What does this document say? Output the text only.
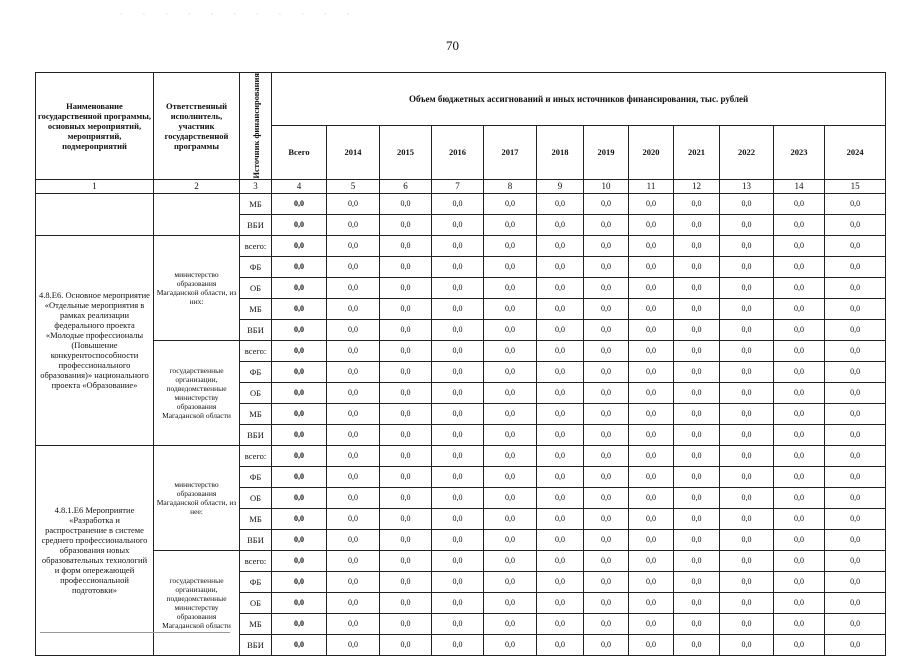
· · · · · · · · · · ·
70
Наименование государственной программы, основных мероприятий, мероприятий, подмероприятий	Ответственный исполнитель, участник государственной программы	Источник финансирования	Объем бюджетных ассигнований и иных источников финансирования, тыс. рублей											
			Всего	2014	2015	2016	2017	2018	2019	2020	2021	2022	2023	2024
1	2	3	4	5	6	7	8	9	10	11	12	13	14	15
		МБ	0,0	0,0	0,0	0,0	0,0	0,0	0,0	0,0	0,0	0,0	0,0	0,0
		ВБИ	0,0	0,0	0,0	0,0	0,0	0,0	0,0	0,0	0,0	0,0	0,0	0,0
4.8.Е6. Основное мероприятие «Отдельные мероприятия в рамках реализации федерального проекта «Молодые профессионалы (Повышение конкурентоспособности профессионального образования)» национального проекта «Образование»	министерство образования Магаданской области, из них:	всего:	0,0	0,0	0,0	0,0	0,0	0,0	0,0	0,0	0,0	0,0	0,0	0,0
		ФБ	0,0	0,0	0,0	0,0	0,0	0,0	0,0	0,0	0,0	0,0	0,0	0,0
		ОБ	0,0	0,0	0,0	0,0	0,0	0,0	0,0	0,0	0,0	0,0	0,0	0,0
		МБ	0,0	0,0	0,0	0,0	0,0	0,0	0,0	0,0	0,0	0,0	0,0	0,0
		ВБИ	0,0	0,0	0,0	0,0	0,0	0,0	0,0	0,0	0,0	0,0	0,0	0,0
	государственные организации, подведомственные министерству образования Магаданской области	всего:	0,0	0,0	0,0	0,0	0,0	0,0	0,0	0,0	0,0	0,0	0,0	0,0
		ФБ	0,0	0,0	0,0	0,0	0,0	0,0	0,0	0,0	0,0	0,0	0,0	0,0
		ОБ	0,0	0,0	0,0	0,0	0,0	0,0	0,0	0,0	0,0	0,0	0,0	0,0
		МБ	0,0	0,0	0,0	0,0	0,0	0,0	0,0	0,0	0,0	0,0	0,0	0,0
		ВБИ	0,0	0,0	0,0	0,0	0,0	0,0	0,0	0,0	0,0	0,0	0,0	0,0
4.8.1.Е6 Мероприятие «Разработка и распространение в системе среднего профессионального образования новых образовательных технологий и форм опережающей профессиональной подготовки»	министерство образования Магаданской области, из нее:	всего:	0,0	0,0	0,0	0,0	0,0	0,0	0,0	0,0	0,0	0,0	0,0	0,0
		ФБ	0,0	0,0	0,0	0,0	0,0	0,0	0,0	0,0	0,0	0,0	0,0	0,0
		ОБ	0,0	0,0	0,0	0,0	0,0	0,0	0,0	0,0	0,0	0,0	0,0	0,0
		МБ	0,0	0,0	0,0	0,0	0,0	0,0	0,0	0,0	0,0	0,0	0,0	0,0
		ВБИ	0,0	0,0	0,0	0,0	0,0	0,0	0,0	0,0	0,0	0,0	0,0	0,0
	государственные организации, подведомственные министерству образования Магаданской области	всего:	0,0	0,0	0,0	0,0	0,0	0,0	0,0	0,0	0,0	0,0	0,0	0,0
		ФБ	0,0	0,0	0,0	0,0	0,0	0,0	0,0	0,0	0,0	0,0	0,0	0,0
		ОБ	0,0	0,0	0,0	0,0	0,0	0,0	0,0	0,0	0,0	0,0	0,0	0,0
		МБ	0,0	0,0	0,0	0,0	0,0	0,0	0,0	0,0	0,0	0,0	0,0	0,0
		ВБИ	0,0	0,0	0,0	0,0	0,0	0,0	0,0	0,0	0,0	0,0	0,0	0,0
